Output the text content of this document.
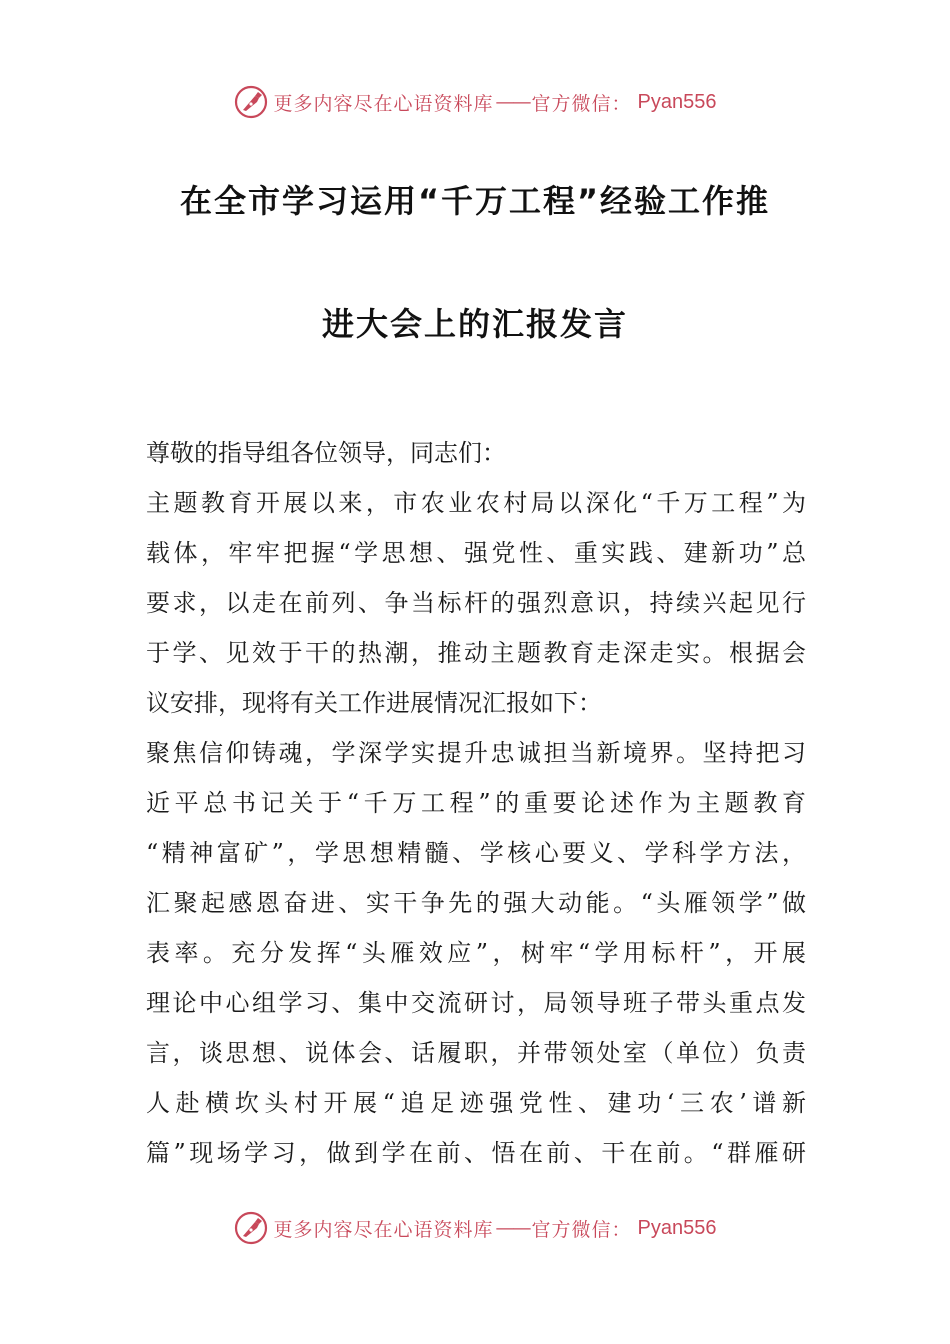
更多内容尽在心语资料库 —— 官方微信： Pyan556
在全市学习运用“千万工程”经验工作推
进大会上的汇报发言
尊敬的指导组各位领导，同志们：
主题教育开展以来，市农业农村局以深化“千万工程”为
载体，牢牢把握“学思想、强党性、重实践、建新功”总
要求，以走在前列、争当标杆的强烈意识，持续兴起见行
于学、见效于干的热潮，推动主题教育走深走实。根据会
议安排，现将有关工作进展情况汇报如下：
聚焦信仰铸魂，学深学实提升忠诚担当新境界。坚持把习
近平总书记关于“千万工程”的重要论述作为主题教育
“精神富矿”，学思想精髓、学核心要义、学科学方法，
汇聚起感恩奋进、实干争先的强大动能。“头雁领学”做
表率。充分发挥“头雁效应”，树牢“学用标杆”，开展
理论中心组学习、集中交流研讨，局领导班子带头重点发
言，谈思想、说体会、话履职，并带领处室（单位）负责
人赴横坎头村开展“追足迹强党性、建功‘三农’谱新
篇”现场学习，做到学在前、悟在前、干在前。“群雁研
更多内容尽在心语资料库 —— 官方微信： Pyan556
